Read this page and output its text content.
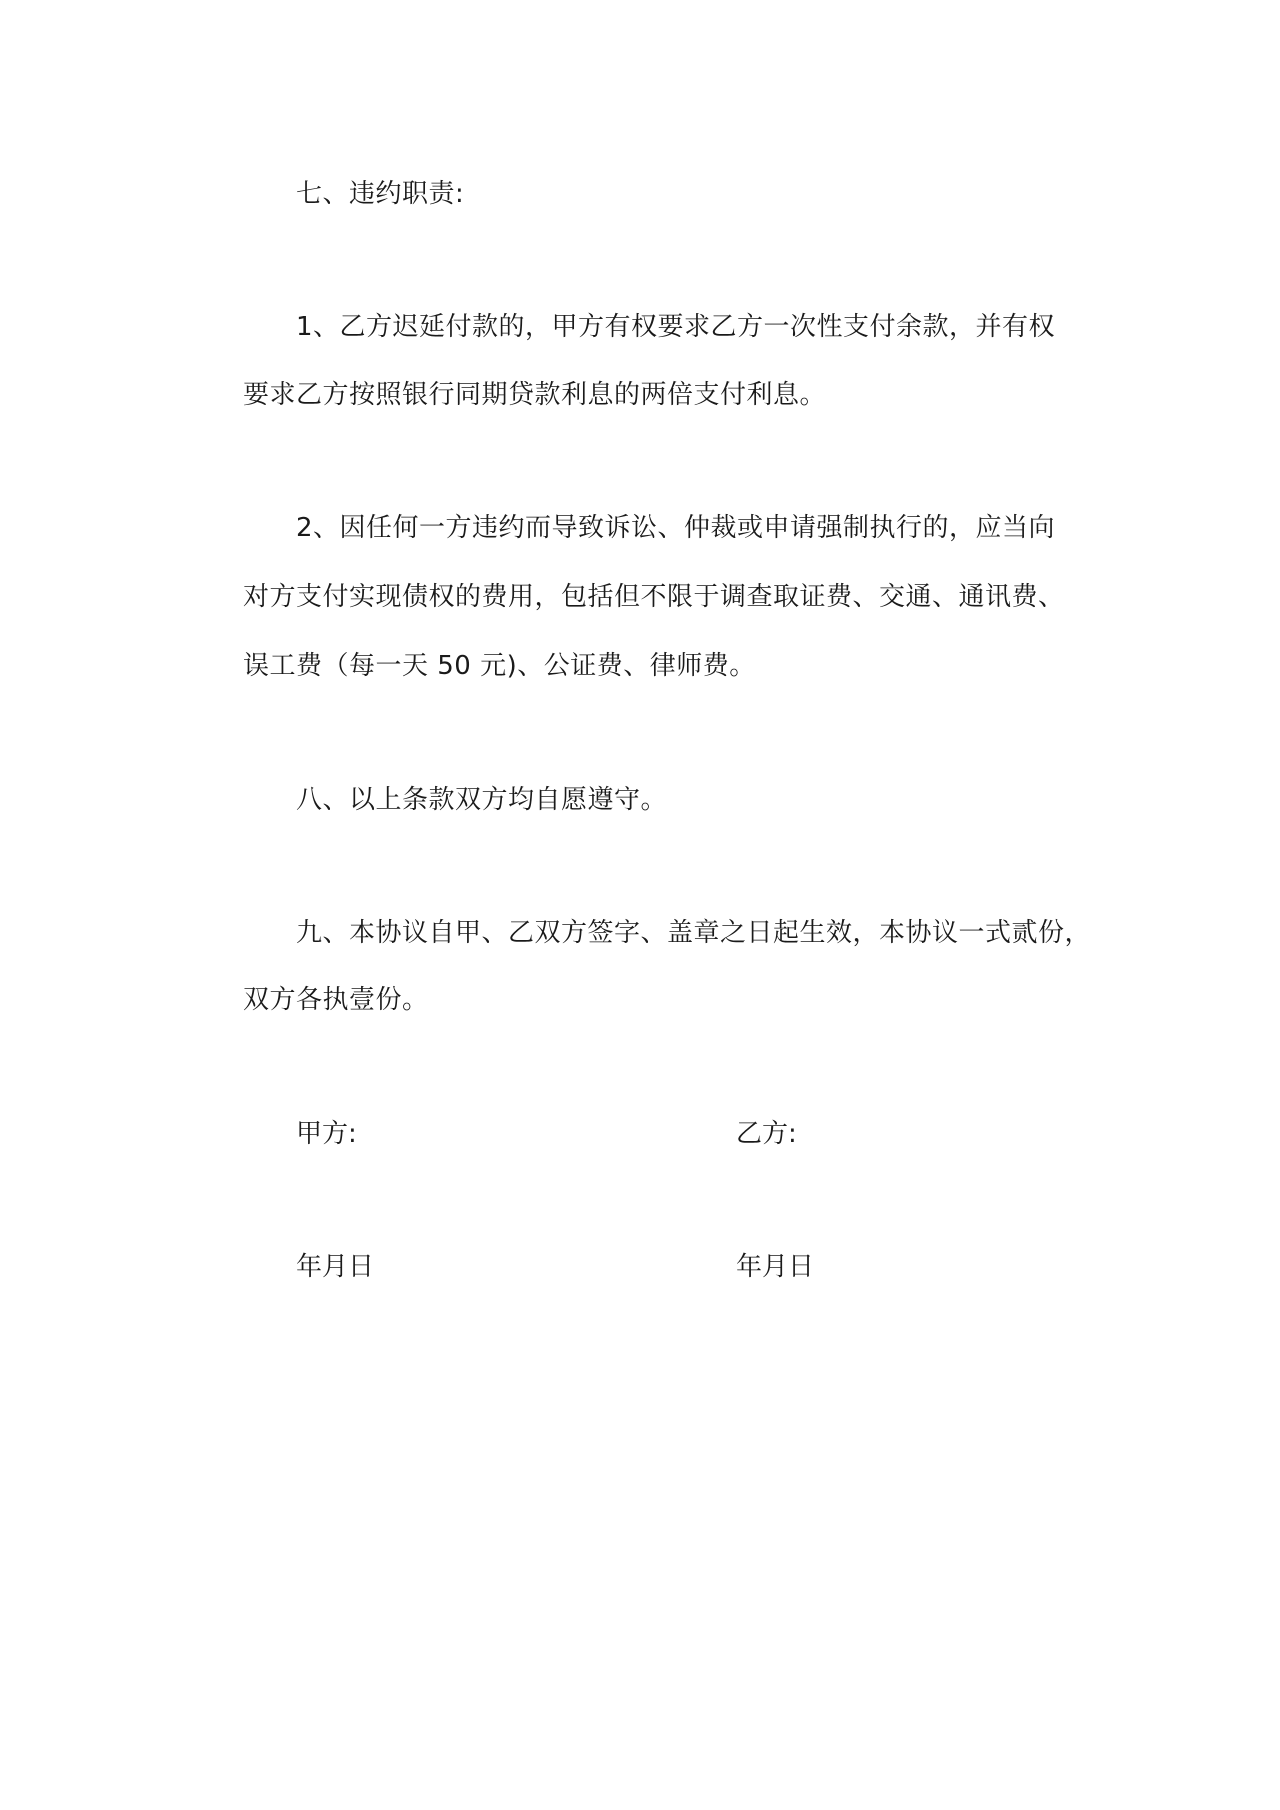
七、违约职责:
1、乙方迟延付款的，甲方有权要求乙方一次性支付余款，并有权
要求乙方按照银行同期贷款利息的两倍支付利息。
2、因任何一方违约而导致诉讼、仲裁或申请强制执行的，应当向
对方支付实现债权的费用，包括但不限于调查取证费、交通、通讯费、
误工费（每一天 50 元)、公证费、律师费。
八、以上条款双方均自愿遵守。
九、本协议自甲、乙双方签字、盖章之日起生效，本协议一式贰份，
双方各执壹份。
甲方:	乙方:
年月日	年月日
